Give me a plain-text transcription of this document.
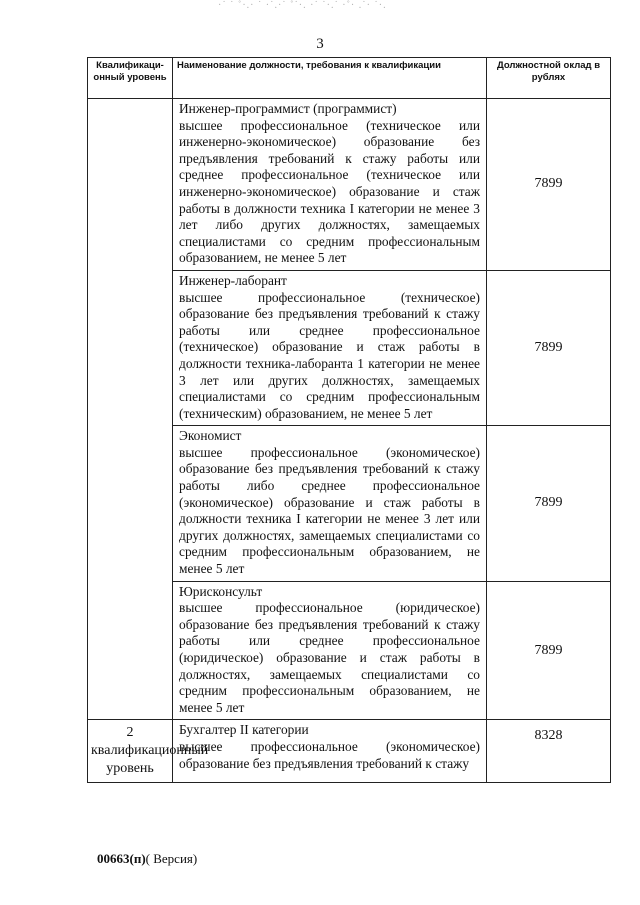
·˙ ˙ ˚·.· ˙ ·˙.·˙ ˚˙·. ·˙ ˙·.˙ ·˚· .˙· ˙·.
3
Квалификаци-онный уровень	Наименование должности, требования к квалификации	Должностной оклад в рублях

	Инженер-программист (программист)
высшее профессиональное (техническое или инженерно-экономическое) образование без предъявления требований к стажу работы или среднее профессиональное (техническое или инженерно-экономическое) образование и стаж работы в должности техника I категории не менее 3 лет либо других должностях, замещаемых специалистами со средним профессиональным образованием, не менее 5 лет	7899

	Инженер-лаборант
высшее профессиональное (техническое) образование без предъявления требований к стажу работы или среднее профессиональное (техническое) образование и стаж работы в должности техника-лаборанта 1 категории не менее 3 лет или других должностях, замещаемых специалистами со средним профессиональным (техническим) образованием, не менее 5 лет	7899

	Экономист
высшее профессиональное (экономическое) образование без предъявления требований к стажу работы либо среднее профессиональное (экономическое) образование и стаж работы в должности техника I категории не менее 3 лет или других должностях, замещаемых специалистами со средним профессиональным образованием, не менее 5 лет	7899

	Юрисконсульт
высшее профессиональное (юридическое) образование без предъявления требований к стажу работы или среднее профессиональное (юридическое) образование и стаж работы в должностях, замещаемых специалистами со средним профессиональным образованием, не менее 5 лет	7899
2 квалификационный уровень	Бухгалтер II категории
высшее профессиональное (экономическое) образование без предъявления требований к стажу	8328
00663(п)( Версия)
